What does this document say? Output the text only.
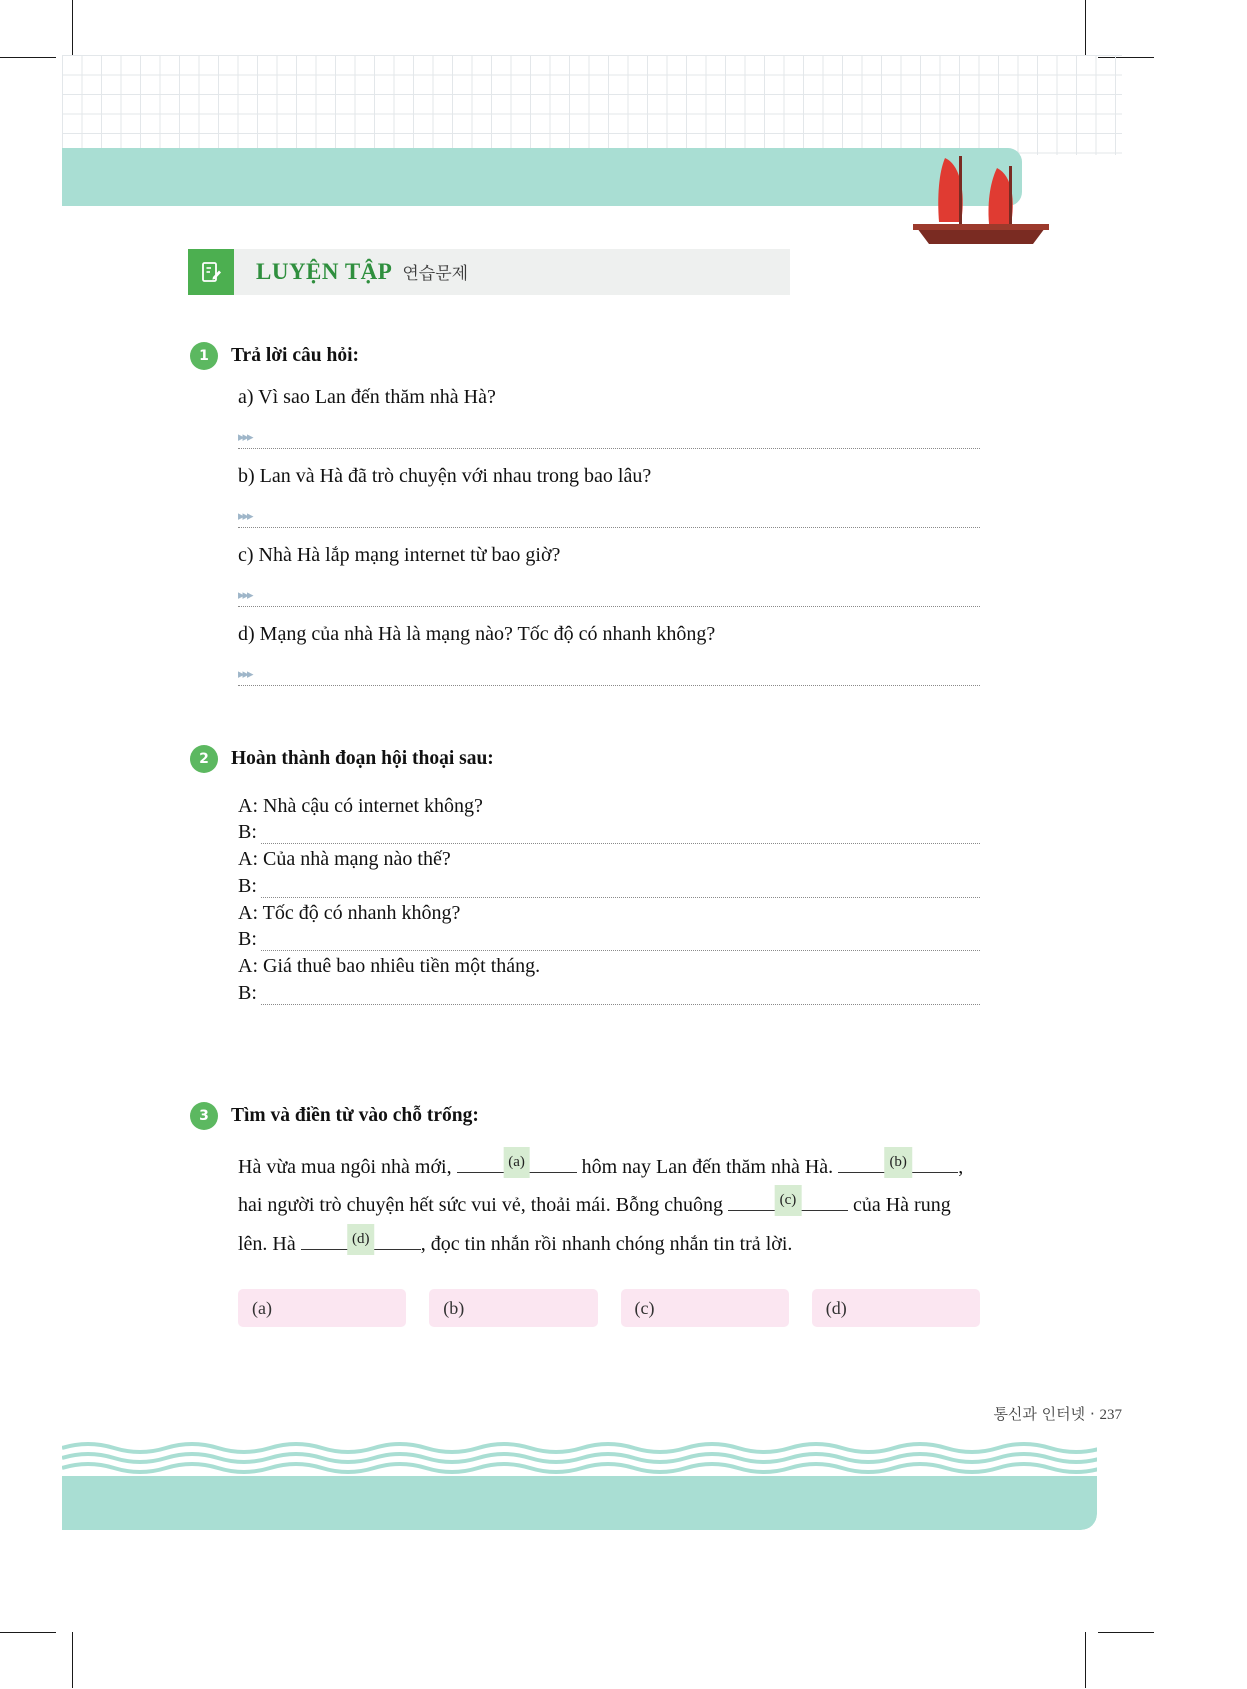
LUYỆN TẬP 연습문제
1	Trả lời câu hỏi:
a) Vì sao Lan đến thăm nhà Hà?
▸▸▸
b) Lan và Hà đã trò chuyện với nhau trong bao lâu?
▸▸▸
c) Nhà Hà lắp mạng internet từ bao giờ?
▸▸▸
d) Mạng của nhà Hà là mạng nào? Tốc độ có nhanh không?
▸▸▸
2	Hoàn thành đoạn hội thoại sau:
A: Nhà cậu có internet không?
B:
A: Của nhà mạng nào thế?
B:
A: Tốc độ có nhanh không?
B:
A: Giá thuê bao nhiêu tiền một tháng.
B:
3	Tìm và điền từ vào chỗ trống:
Hà vừa mua ngôi nhà mới,	(a)	hôm nay Lan đến thăm nhà Hà.	(b)	, hai người trò chuyện hết sức vui vẻ, thoải mái. Bỗng chuông	(c)	của Hà rung lên. Hà	(d)	, đọc tin nhắn rồi nhanh chóng nhắn tin trả lời.
(a)	(b)	(c)	(d)
통신과 인터넷 · 237
